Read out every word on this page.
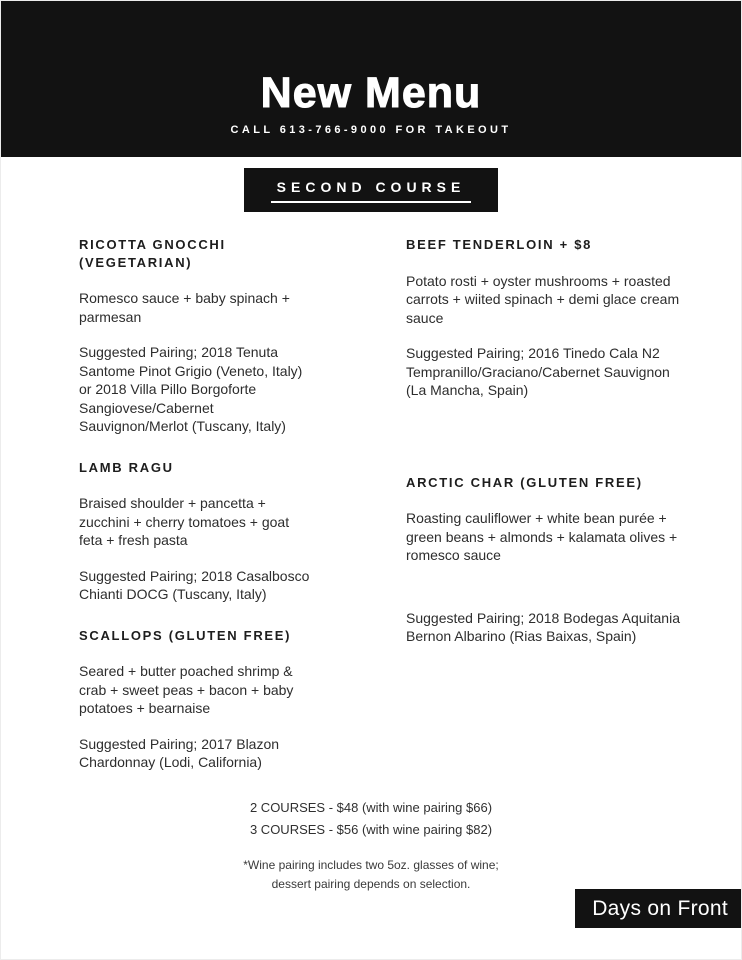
New Menu
CALL 613-766-9000 FOR TAKEOUT
SECOND COURSE
RICOTTA GNOCCHI (VEGETARIAN)

Romesco sauce + baby spinach + parmesan

Suggested Pairing; 2018 Tenuta Santome Pinot Grigio (Veneto, Italy) or 2018 Villa Pillo Borgoforte Sangiovese/Cabernet Sauvignon/Merlot (Tuscany, Italy)

LAMB RAGU

Braised shoulder + pancetta + zucchini + cherry tomatoes + goat feta + fresh pasta

Suggested Pairing; 2018 Casalbosco Chianti DOCG (Tuscany, Italy)

SCALLOPS (GLUTEN FREE)

Seared + butter poached shrimp & crab + sweet peas + bacon + baby potatoes + bearnaise

Suggested Pairing; 2017 Blazon Chardonnay (Lodi, California)

BEEF TENDERLOIN + $8

Potato rosti + oyster mushrooms + roasted carrots + wiited spinach + demi glace cream sauce

Suggested Pairing; 2016 Tinedo Cala N2 Tempranillo/Graciano/Cabernet Sauvignon (La Mancha, Spain)

ARCTIC CHAR (GLUTEN FREE)

Roasting cauliflower + white bean purée + green beans + almonds + kalamata olives + romesco sauce

Suggested Pairing; 2018 Bodegas Aquitania Bernon Albarino (Rias Baixas, Spain)

2 COURSES - $48 (with wine pairing $66)
3 COURSES - $56 (with wine pairing $82)
*Wine pairing includes two 5oz. glasses of wine;
dessert pairing depends on selection.
Days on Front
